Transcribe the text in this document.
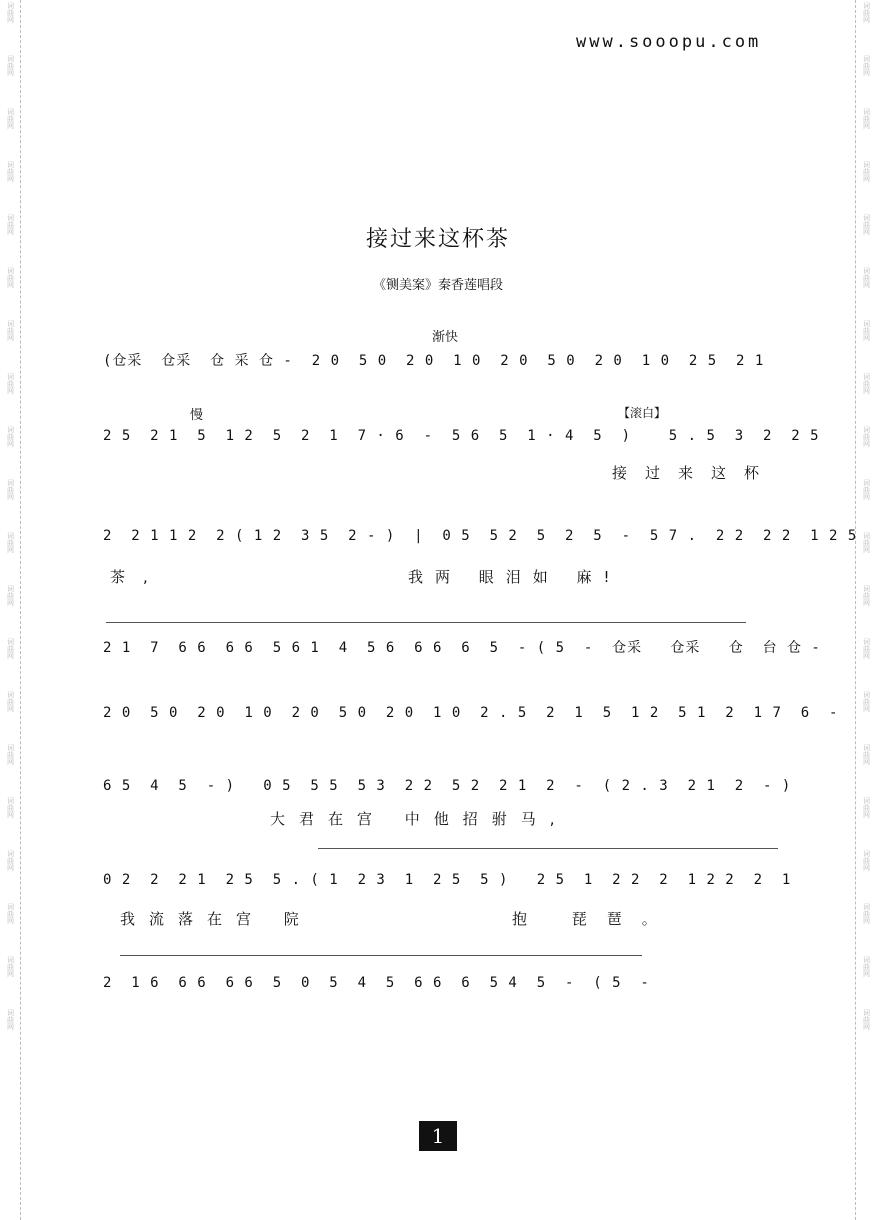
词曲网
词曲网
词曲网
词曲网
词曲网
词曲网
词曲网
词曲网
词曲网
词曲网
词曲网
词曲网
词曲网
词曲网
词曲网
词曲网
词曲网
词曲网
词曲网
词曲网
词曲网
词曲网
词曲网
词曲网
词曲网
词曲网
词曲网
词曲网
词曲网
词曲网
词曲网
词曲网
词曲网
词曲网
词曲网
词曲网
词曲网
词曲网
词曲网
词曲网
www.sooopu.com
接过来这杯茶
《铡美案》秦香莲唱段
渐快
慢	【滚白】
(仓采  仓采  仓 采 仓 -  2 0  5 0  2 0  1 0  2 0  5 0  2 0  1 0  2 5  2 1
2 5  2 1  5  1 2  5  2  1  7 · 6  -  5 6  5  1 · 4  5  )    5 . 5  3  2  2 5
接过来这杯
2  2 1 1 2  2 ( 1 2  3 5  2 - )  |  0 5  5 2  5  2  5  -  5 7 .  2 2  2 2  1 2 5
茶,	我两 眼泪如 麻!
2 1  7  6 6  6 6  5 6 1  4  5 6  6 6  6  5  - ( 5  -  仓采   仓采   仓  台 仓 -
2 0  5 0  2 0  1 0  2 0  5 0  2 0  1 0  2 . 5  2  1  5  1 2  5 1  2  1 7  6  -
6 5  4  5  - )   0 5  5 5  5 3  2 2  5 2  2 1  2  -  ( 2 . 3  2 1  2  - )
大君在宫 中他招驸马,
0 2  2  2 1  2 5  5 . ( 1  2 3  1  2 5  5 )   2 5  1  2 2  2  1 2 2  2  1
我流落在宫 院	抱 琵琶。
2  1 6  6 6  6 6  5  0  5  4  5  6 6  6  5 4  5  -  ( 5  -
1
